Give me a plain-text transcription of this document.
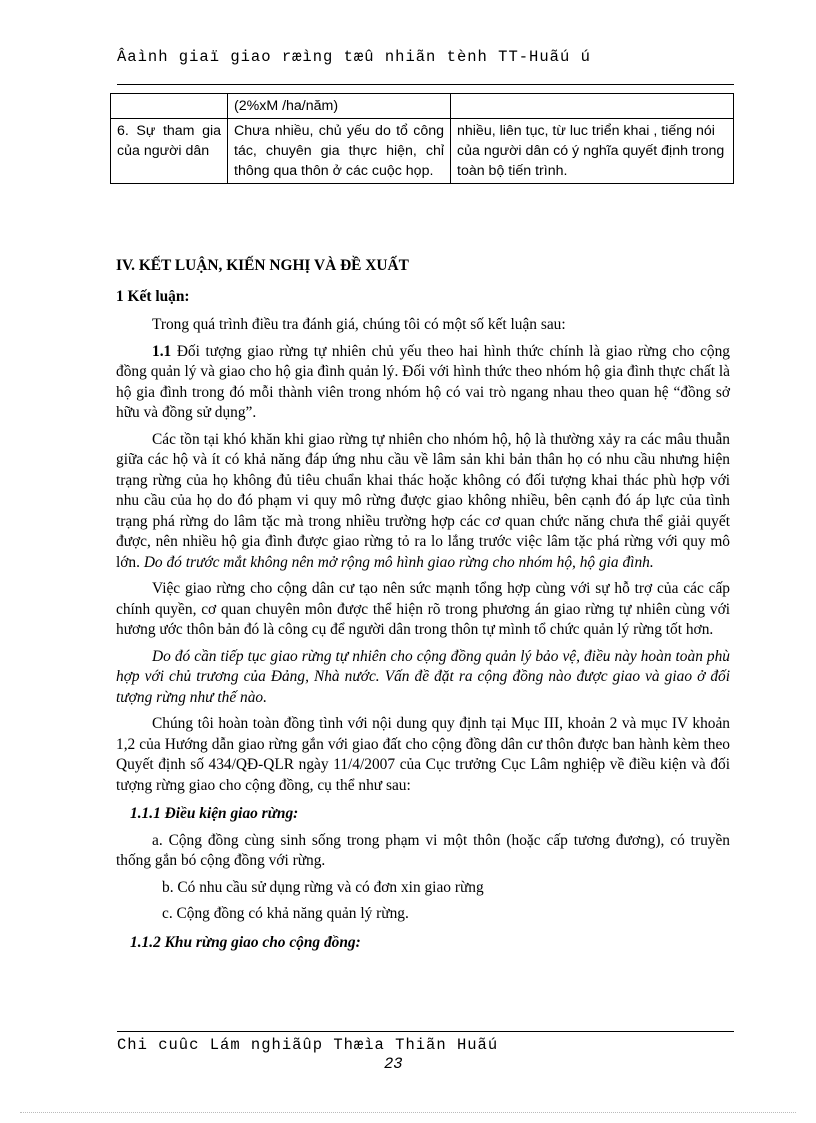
Âaình giaï giao ræìng tæû nhiãn tènh TT-Huãú ú
	(2%xM /ha/năm)	
6. Sự tham gia của người dân	Chưa nhiều, chủ yếu do tổ công tác, chuyên gia thực hiện, chỉ thông qua thôn ở các cuộc họp.	nhiều, liên tục, từ luc triển khai , tiếng nói của người dân có ý nghĩa quyết định trong toàn bộ tiến trình.

IV. KẾT LUẬN, KIẾN NGHỊ VÀ ĐỀ XUẤT

1 Kết luận:

Trong quá trình điều tra đánh giá, chúng tôi có một số kết luận sau:

1.1 Đối tượng giao rừng tự nhiên chủ yếu theo hai hình thức chính là giao rừng cho cộng đồng quản lý và giao cho hộ gia đình quản lý. Đối với hình thức theo nhóm hộ gia đình thực chất là hộ gia đình trong đó mỗi thành viên trong nhóm hộ có vai trò ngang nhau theo quan hệ “đồng sở hữu và đồng sử dụng”.

Các tồn tại khó khăn khi giao rừng tự nhiên cho nhóm hộ, hộ là thường xảy ra các mâu thuẫn giữa các hộ và ít có khả năng đáp ứng nhu cầu về lâm sản khi bản thân họ có nhu cầu nhưng hiện trạng rừng của họ không đủ tiêu chuẩn khai thác hoặc không có đối tượng khai thác phù hợp với nhu cầu của họ do đó phạm vi quy mô rừng được giao không nhiều, bên cạnh đó áp lực của tình trạng phá rừng do lâm tặc mà trong nhiều trường hợp các cơ quan chức năng chưa thể giải quyết được, nên nhiều hộ gia đình được giao rừng tỏ ra lo lắng trước việc lâm tặc phá rừng với quy mô lớn. Do đó trước mắt không nên mở rộng mô hình giao rừng cho nhóm hộ, hộ gia đình.

Việc giao rừng cho cộng dân cư tạo nên sức mạnh tổng hợp cùng với sự hỗ trợ của các cấp chính quyền, cơ quan chuyên môn được thể hiện rõ trong phương án giao rừng tự nhiên cùng với hương ước thôn bản đó là công cụ để người dân trong thôn tự mình tổ chức quản lý rừng tốt hơn.

Do đó cần tiếp tục giao rừng tự nhiên cho cộng đồng quản lý bảo vệ, điều này hoàn toàn phù hợp với chủ trương của Đảng, Nhà nước. Vấn đề đặt ra cộng đồng nào được giao và giao ở đối tượng rừng như thế nào.

Chúng tôi hoàn toàn đồng tình với nội dung quy định tại Mục III, khoản 2 và mục IV khoản 1,2 của Hướng dẫn giao rừng gắn với giao đất cho cộng đồng dân cư thôn được ban hành kèm theo Quyết định số 434/QĐ-QLR ngày 11/4/2007 của Cục trưởng Cục Lâm nghiệp về điều kiện và đối tượng rừng giao cho cộng đồng, cụ thể như sau:

1.1.1 Điều kiện giao rừng:

a. Cộng đồng cùng sinh sống trong phạm vi một thôn (hoặc cấp tương đương), có truyền thống gắn bó cộng đồng với rừng.

b. Có nhu cầu sử dụng rừng và có đơn xin giao rừng

c. Cộng đồng có khả năng quản lý rừng.

1.1.2 Khu rừng giao cho cộng đồng:

Chi cuûc Lám nghiãûp Thæìa Thiãn Huãú
23
